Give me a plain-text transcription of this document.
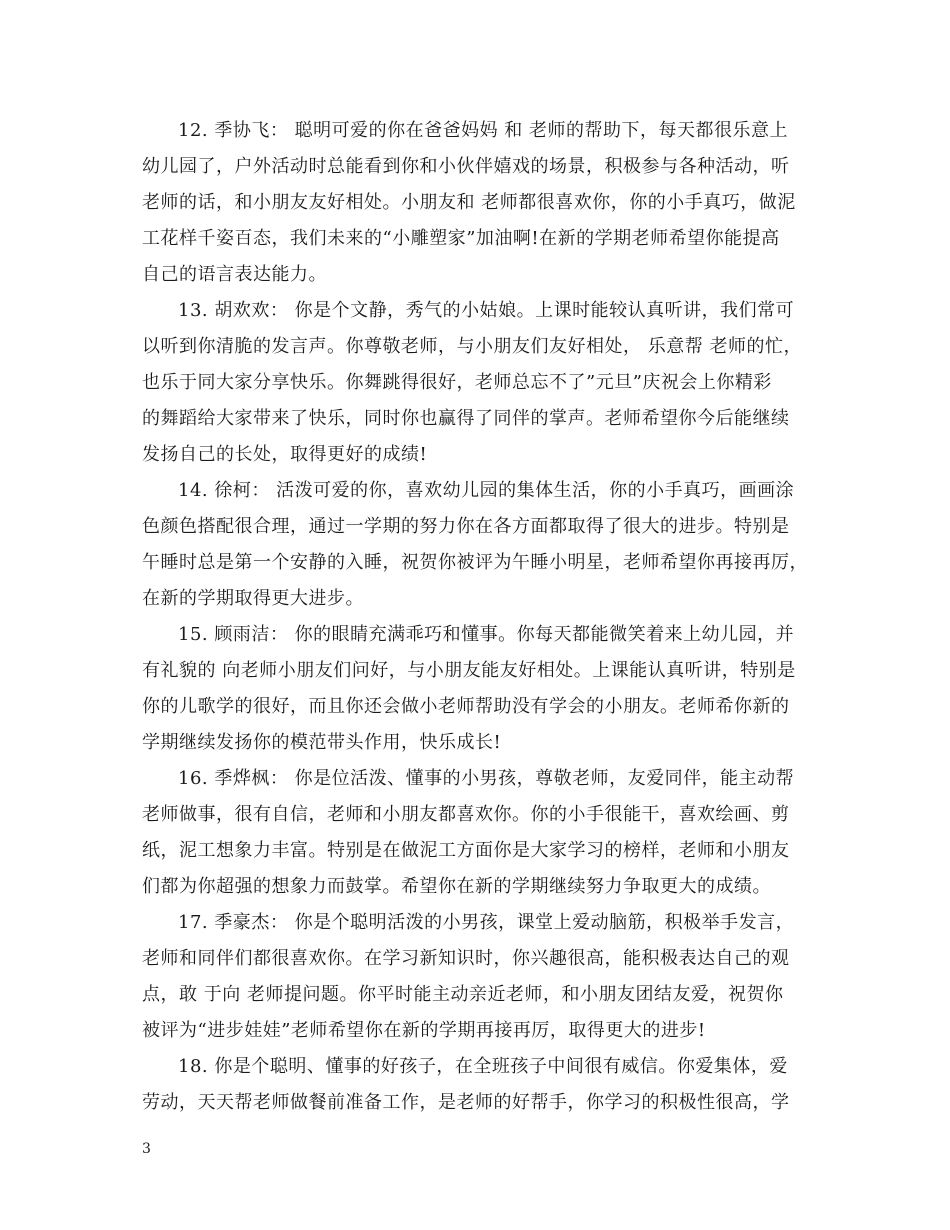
12. 季协飞： 聪明可爱的你在爸爸妈妈 和 老师的帮助下，每天都很乐意上
幼儿园了，户外活动时总能看到你和小伙伴嬉戏的场景，积极参与各种活动，听
老师的话，和小朋友友好相处。小朋友和 老师都很喜欢你，你的小手真巧，做泥
工花样千姿百态，我们未来的“小雕塑家”加油啊!在新的学期老师希望你能提高
自己的语言表达能力。
13. 胡欢欢： 你是个文静，秀气的小姑娘。上课时能较认真听讲，我们常可
以听到你清脆的发言声。你尊敬老师，与小朋友们友好相处， 乐意帮 老师的忙，
也乐于同大家分享快乐。你舞跳得很好，老师总忘不了”元旦”庆祝会上你精彩
的舞蹈给大家带来了快乐，同时你也赢得了同伴的掌声。老师希望你今后能继续
发扬自己的长处，取得更好的成绩!
14. 徐柯： 活泼可爱的你，喜欢幼儿园的集体生活，你的小手真巧，画画涂
色颜色搭配很合理，通过一学期的努力你在各方面都取得了很大的进步。特别是
午睡时总是第一个安静的入睡，祝贺你被评为午睡小明星，老师希望你再接再厉，
在新的学期取得更大进步。
15. 顾雨洁： 你的眼睛充满乖巧和懂事。你每天都能微笑着来上幼儿园，并
有礼貌的 向老师小朋友们问好，与小朋友能友好相处。上课能认真听讲，特别是
你的儿歌学的很好，而且你还会做小老师帮助没有学会的小朋友。老师希你新的
学期继续发扬你的模范带头作用，快乐成长!
16. 季烨枫： 你是位活泼、懂事的小男孩，尊敬老师，友爱同伴，能主动帮
老师做事，很有自信，老师和小朋友都喜欢你。你的小手很能干，喜欢绘画、剪
纸，泥工想象力丰富。特别是在做泥工方面你是大家学习的榜样，老师和小朋友
们都为你超强的想象力而鼓掌。希望你在新的学期继续努力争取更大的成绩。
17. 季豪杰： 你是个聪明活泼的小男孩，课堂上爱动脑筋，积极举手发言，
老师和同伴们都很喜欢你。在学习新知识时，你兴趣很高，能积极表达自己的观
点，敢 于向 老师提问题。你平时能主动亲近老师，和小朋友团结友爱，祝贺你
被评为“进步娃娃”老师希望你在新的学期再接再厉，取得更大的进步!
18. 你是个聪明、懂事的好孩子，在全班孩子中间很有威信。你爱集体，爱
劳动，天天帮老师做餐前准备工作，是老师的好帮手，你学习的积极性很高，学
3
